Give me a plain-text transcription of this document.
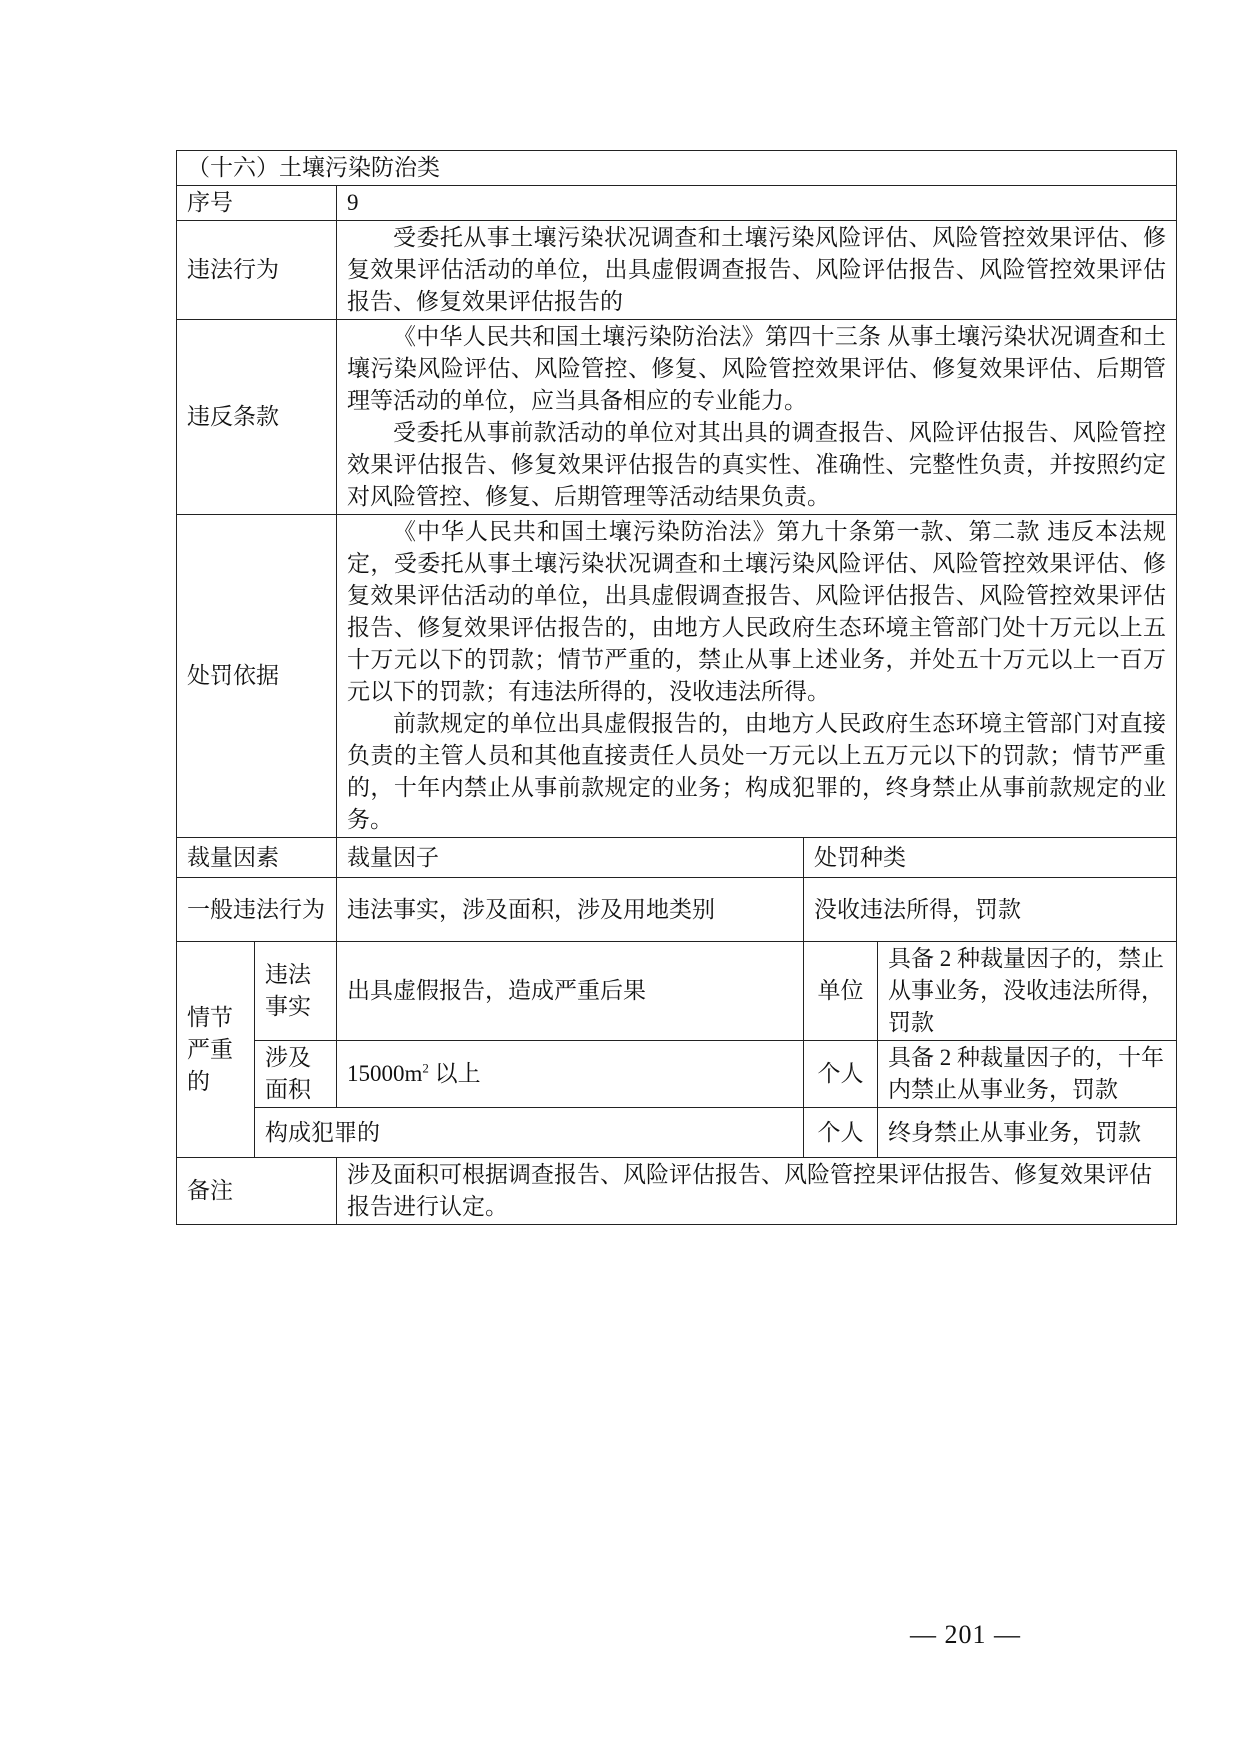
（十六）土壤污染防治类				
序号		9		
违法行为		受委托从事土壤污染状况调查和土壤污染风险评估、风险管控效果评估、修复效果评估活动的单位，出具虚假调查报告、风险评估报告、风险管控效果评估报告、修复效果评估报告的		

违反条款		《中华人民共和国土壤污染防治法》第四十三条 从事土壤污染状况调查和土壤污染风险评估、风险管控、修复、风险管控效果评估、修复效果评估、后期管理等活动的单位，应当具备相应的专业能力。

受委托从事前款活动的单位对其出具的调查报告、风险评估报告、风险管控效果评估报告、修复效果评估报告的真实性、准确性、完整性负责，并按照约定对风险管控、修复、后期管理等活动结果负责。		

处罚依据		《中华人民共和国土壤污染防治法》第九十条第一款、第二款 违反本法规定，受委托从事土壤污染状况调查和土壤污染风险评估、风险管控效果评估、修复效果评估活动的单位，出具虚假调查报告、风险评估报告、风险管控效果评估报告、修复效果评估报告的，由地方人民政府生态环境主管部门处十万元以上五十万元以下的罚款；情节严重的，禁止从事上述业务，并处五十万元以上一百万元以下的罚款；有违法所得的，没收违法所得。

前款规定的单位出具虚假报告的，由地方人民政府生态环境主管部门对直接负责的主管人员和其他直接责任人员处一万元以上五万元以下的罚款；情节严重的，十年内禁止从事前款规定的业务；构成犯罪的，终身禁止从事前款规定的业务。		

裁量因素		裁量因子	处罚种类	
一般违法行为		违法事实，涉及面积，涉及用地类别	没收违法所得，罚款	
情节严重的	违法事实	出具虚假报告，造成严重后果	单位	具备 2 种裁量因子的，禁止从事业务，没收违法所得，罚款
	涉及面积	$15000m^2$ 以上	个人	具备 2 种裁量因子的，十年内禁止从事业务，罚款
	构成犯罪的		个人	终身禁止从事业务，罚款
备注		涉及面积可根据调查报告、风险评估报告、风险管控果评估报告、修复效果评估报告进行认定。		
— 201 —
